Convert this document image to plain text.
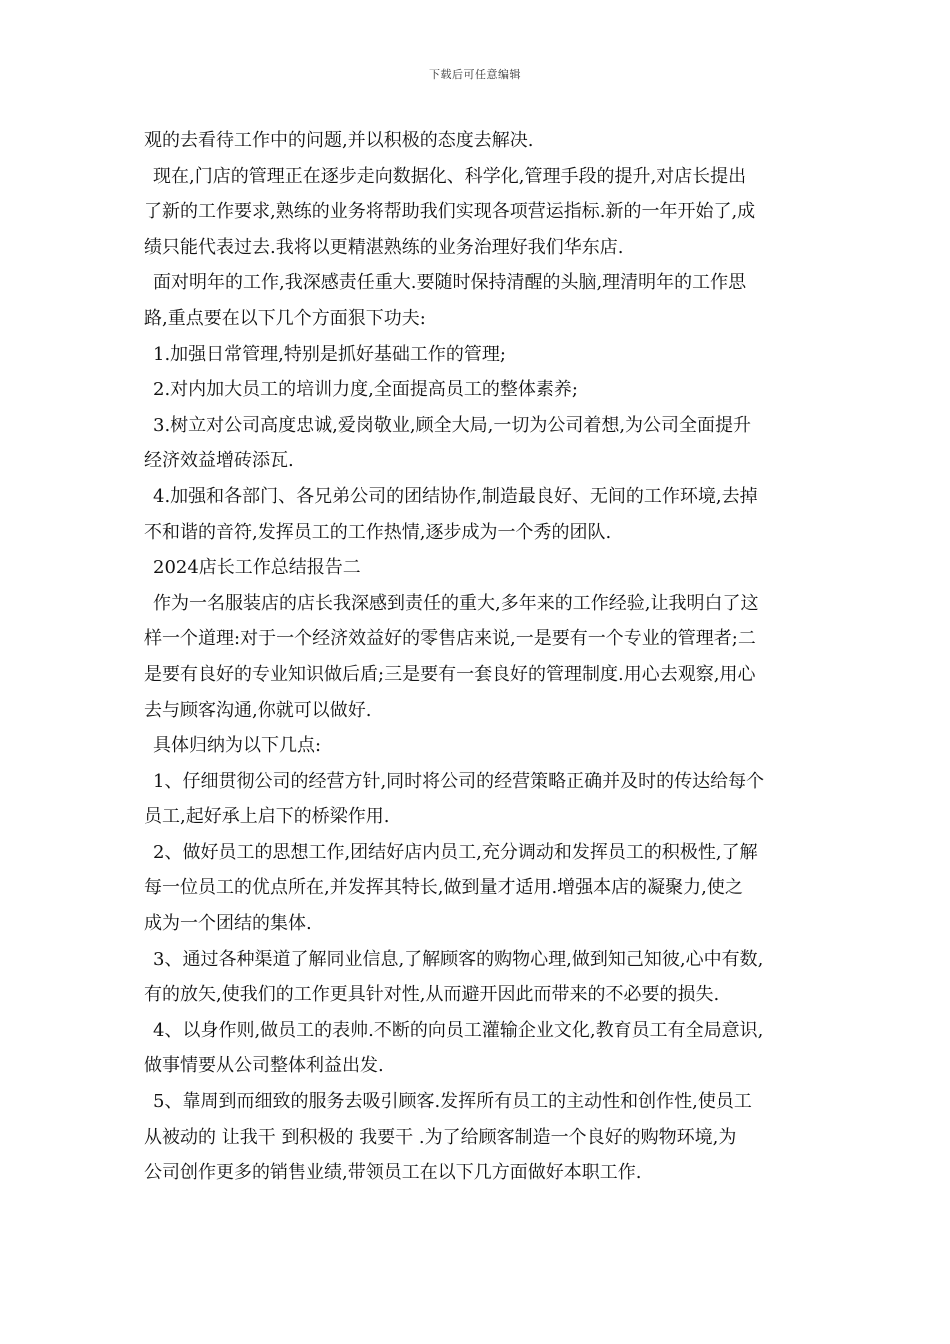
下载后可任意编辑
观的去看待工作中的问题,并以积极的态度去解决.
现在,门店的管理正在逐步走向数据化、科学化,管理手段的提升,对店长提出
了新的工作要求,熟练的业务将帮助我们实现各项营运指标.新的一年开始了,成
绩只能代表过去.我将以更精湛熟练的业务治理好我们华东店.
面对明年的工作,我深感责任重大.要随时保持清醒的头脑,理清明年的工作思
路,重点要在以下几个方面狠下功夫:
1.加强日常管理,特别是抓好基础工作的管理;
2.对内加大员工的培训力度,全面提高员工的整体素养;
3.树立对公司高度忠诚,爱岗敬业,顾全大局,一切为公司着想,为公司全面提升
经济效益增砖添瓦.
4.加强和各部门、各兄弟公司的团结协作,制造最良好、无间的工作环境,去掉
不和谐的音符,发挥员工的工作热情,逐步成为一个秀的团队.
2024店长工作总结报告二
作为一名服装店的店长我深感到责任的重大,多年来的工作经验,让我明白了这
样一个道理:对于一个经济效益好的零售店来说,一是要有一个专业的管理者;二
是要有良好的专业知识做后盾;三是要有一套良好的管理制度.用心去观察,用心
去与顾客沟通,你就可以做好.
具体归纳为以下几点:
1、仔细贯彻公司的经营方针,同时将公司的经营策略正确并及时的传达给每个
员工,起好承上启下的桥梁作用.
2、做好员工的思想工作,团结好店内员工,充分调动和发挥员工的积极性,了解
每一位员工的优点所在,并发挥其特长,做到量才适用.增强本店的凝聚力,使之
成为一个团结的集体.
3、通过各种渠道了解同业信息,了解顾客的购物心理,做到知己知彼,心中有数,
有的放矢,使我们的工作更具针对性,从而避开因此而带来的不必要的损失.
4、以身作则,做员工的表帅.不断的向员工灌输企业文化,教育员工有全局意识,
做事情要从公司整体利益出发.
5、靠周到而细致的服务去吸引顾客.发挥所有员工的主动性和创作性,使员工
从被动的 让我干 到积极的 我要干 .为了给顾客制造一个良好的购物环境,为
公司创作更多的销售业绩,带领员工在以下几方面做好本职工作.
